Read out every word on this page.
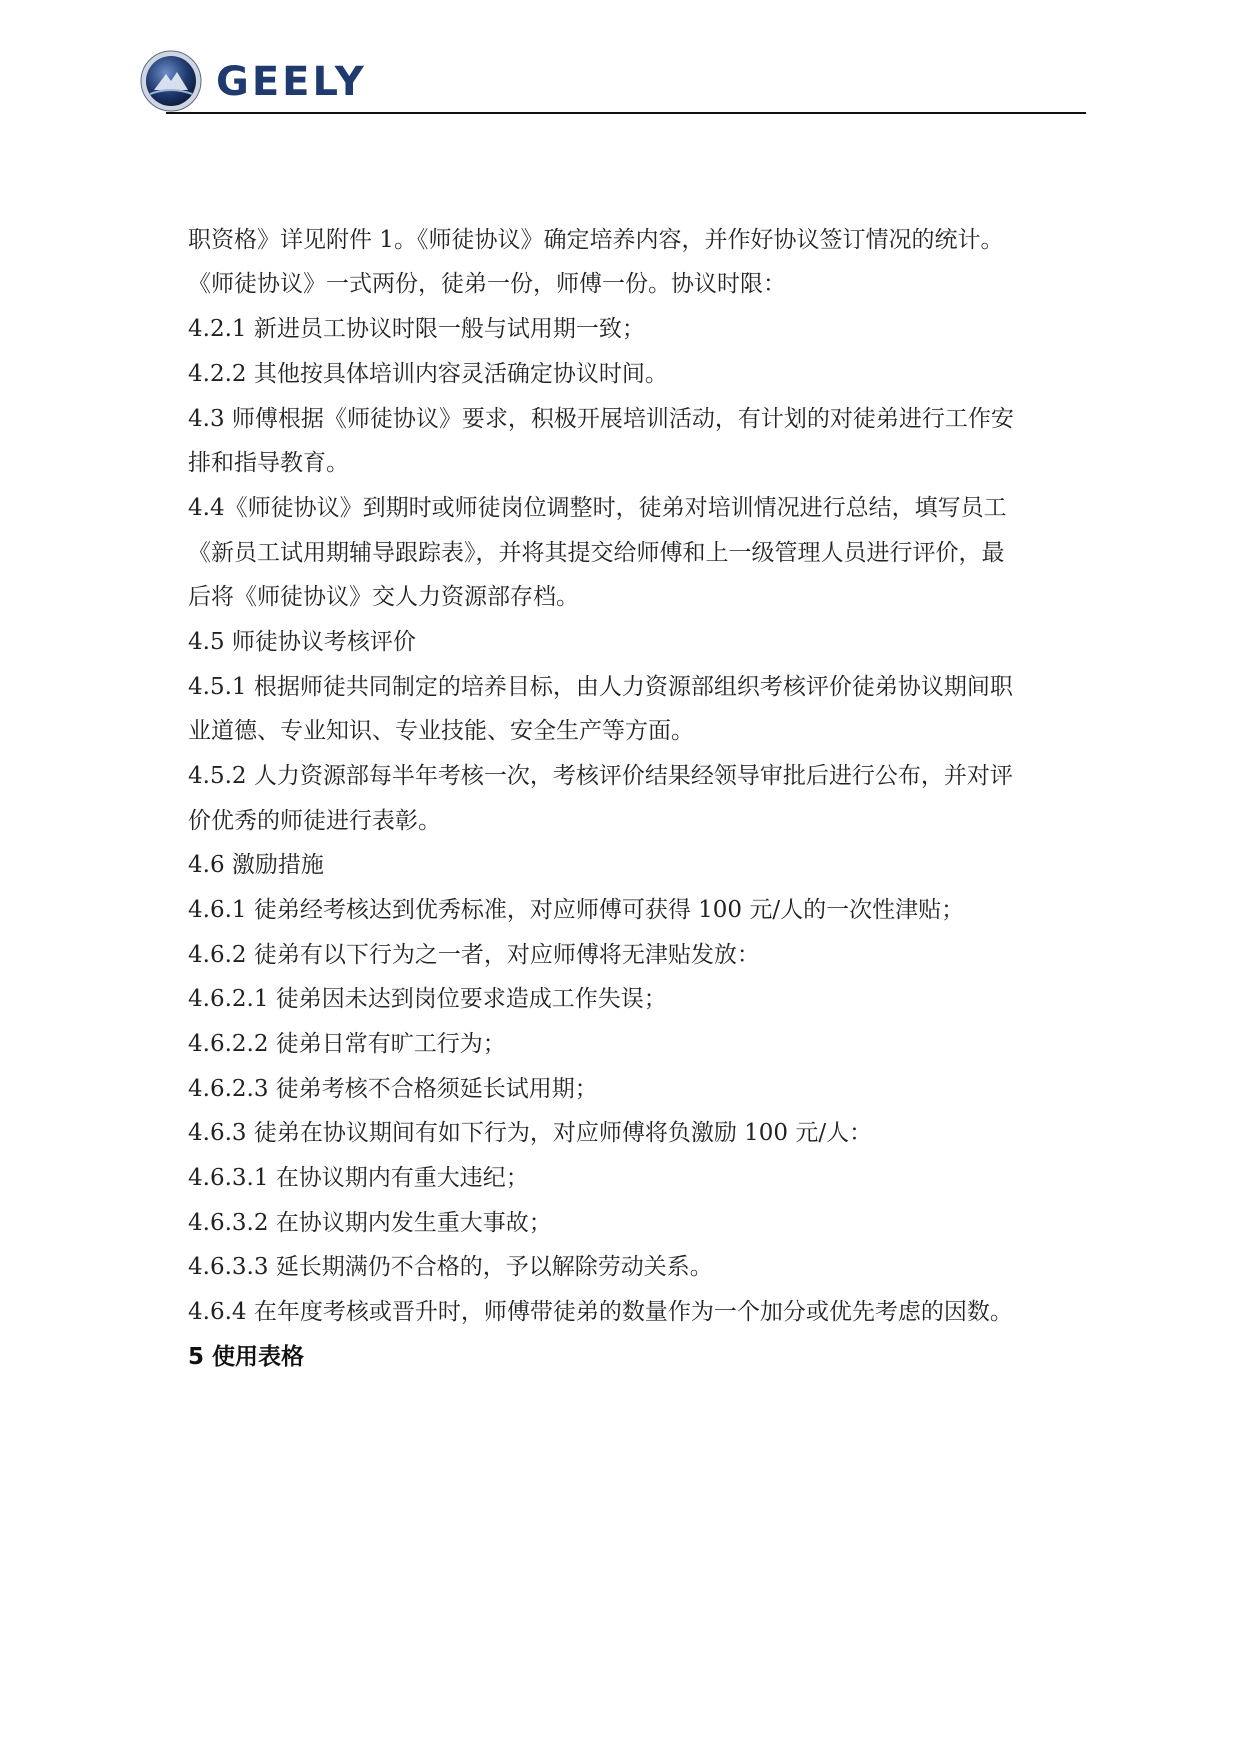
GEELY
职资格》详见附件 1。《师徒协议》确定培养内容，并作好协议签订情况的统计。
《师徒协议》一式两份，徒弟一份，师傅一份。协议时限：
4.2.1 新进员工协议时限一般与试用期一致；
4.2.2 其他按具体培训内容灵活确定协议时间。
4.3 师傅根据《师徒协议》要求，积极开展培训活动，有计划的对徒弟进行工作安
排和指导教育。
4.4《师徒协议》到期时或师徒岗位调整时，徒弟对培训情况进行总结，填写员工
《新员工试用期辅导跟踪表》，并将其提交给师傅和上一级管理人员进行评价，最
后将《师徒协议》交人力资源部存档。
4.5 师徒协议考核评价
4.5.1 根据师徒共同制定的培养目标，由人力资源部组织考核评价徒弟协议期间职
业道德、专业知识、专业技能、安全生产等方面。
4.5.2 人力资源部每半年考核一次，考核评价结果经领导审批后进行公布，并对评
价优秀的师徒进行表彰。
4.6 激励措施
4.6.1 徒弟经考核达到优秀标准，对应师傅可获得 100 元/人的一次性津贴；
4.6.2 徒弟有以下行为之一者，对应师傅将无津贴发放：
4.6.2.1 徒弟因未达到岗位要求造成工作失误；
4.6.2.2 徒弟日常有旷工行为；
4.6.2.3 徒弟考核不合格须延长试用期；
4.6.3 徒弟在协议期间有如下行为，对应师傅将负激励 100 元/人：
4.6.3.1 在协议期内有重大违纪；
4.6.3.2 在协议期内发生重大事故；
4.6.3.3 延长期满仍不合格的，予以解除劳动关系。
4.6.4 在年度考核或晋升时，师傅带徒弟的数量作为一个加分或优先考虑的因数。
5 使用表格
